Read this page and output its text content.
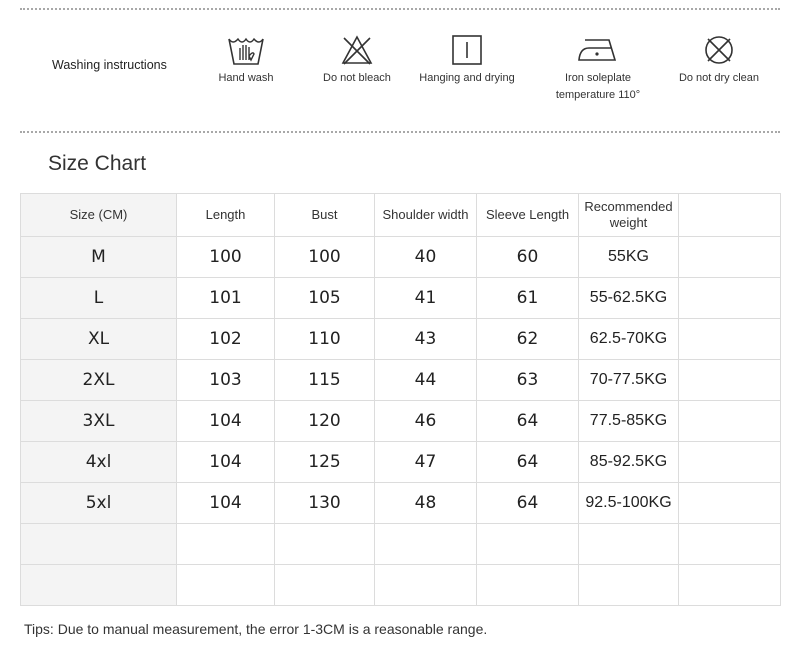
Washing instructions
Hand wash	Do not bleach	Hanging and drying	Iron soleplate
temperature 110°
Do not dry clean
Size Chart
Size (CM)	Length	Bust	Shoulder width	Sleeve Length	Recommended
weight	
M	100	100	40	60	55KG	
L	101	105	41	61	55-62.5KG	
XL	102	110	43	62	62.5-70KG	
2XL	103	115	44	63	70-77.5KG	
3XL	104	120	46	64	77.5-85KG	
4xl	104	125	47	64	85-92.5KG	
5xl	104	130	48	64	92.5-100KG	

Tips: Due to manual measurement, the error 1-3CM is a reasonable range.
